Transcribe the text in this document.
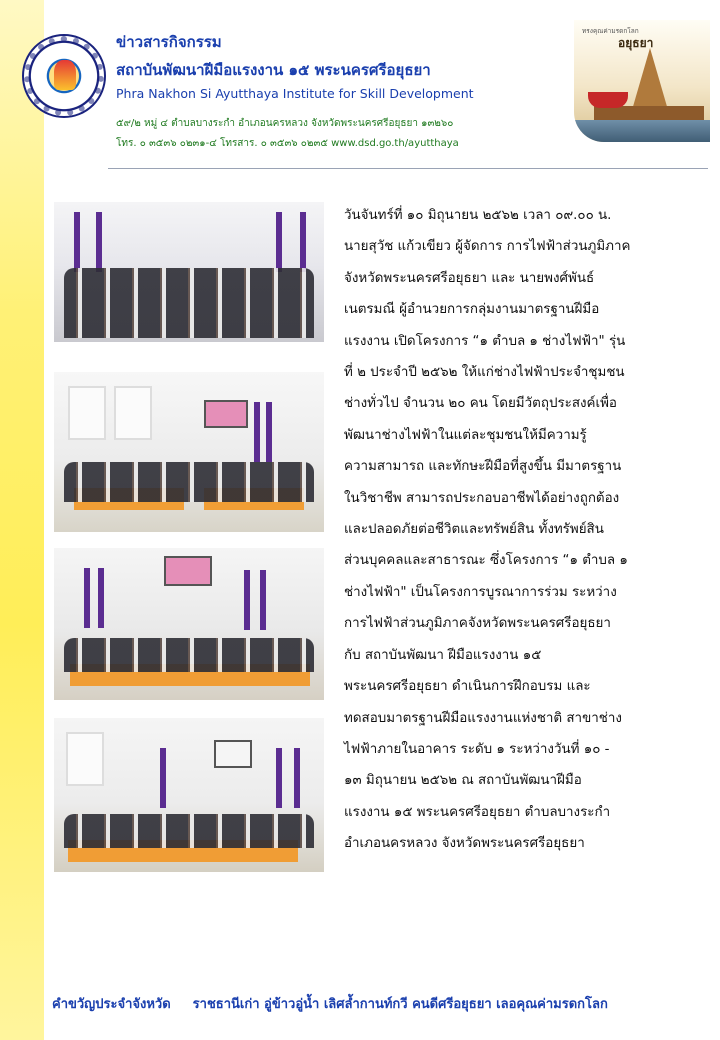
ข่าวสารกิจกรรม
สถาบันพัฒนาฝีมือแรงงาน ๑๕ พระนครศรีอยุธยา
Phra Nakhon Si Ayutthaya Institute for Skill Development
๕๙/๒ หมู่ ๔ ตำบลบางระกำ อำเภอนครหลวง จังหวัดพระนครศรีอยุธยา ๑๓๒๖๐
โทร. ๐ ๓๕๓๖ ๐๒๓๑-๔ โทรสาร. ๐ ๓๕๓๖ ๐๒๓๕ www.dsd.go.th/ayutthaya
ทรงคุณค่ามรดกโลก
อยุธยา
วันจันทร์ที่ ๑๐ มิถุนายน ๒๕๖๒ เวลา ๐๙.๐๐ น.
นายสุวัช แก้วเขียว ผู้จัดการ การไฟฟ้าส่วนภูมิภาค
จังหวัดพระนครศรีอยุธยา และ นายพงศ์พันธ์
เนตรมณี ผู้อำนวยการกลุ่มงานมาตรฐานฝีมือ
แรงงาน เปิดโครงการ “๑ ตำบล ๑ ช่างไฟฟ้า" รุ่น
ที่ ๒ ประจำปี ๒๕๖๒ ให้แก่ช่างไฟฟ้าประจำชุมชน
ช่างทั่วไป จำนวน ๒๐ คน โดยมีวัตถุประสงค์เพื่อ
พัฒนาช่างไฟฟ้าในแต่ละชุมชนให้มีความรู้
ความสามารถ และทักษะฝีมือที่สูงขึ้น มีมาตรฐาน
ในวิชาชีพ สามารถประกอบอาชีพได้อย่างถูกต้อง
และปลอดภัยต่อชีวิตและทรัพย์สิน ทั้งทรัพย์สิน
ส่วนบุคคลและสาธารณะ ซึ่งโครงการ “๑ ตำบล ๑
ช่างไฟฟ้า" เป็นโครงการบูรณาการร่วม ระหว่าง
การไฟฟ้าส่วนภูมิภาคจังหวัดพระนครศรีอยุธยา
กับ สถาบันพัฒนา ฝีมือแรงงาน ๑๕
พระนครศรีอยุธยา ดำเนินการฝึกอบรม และ
ทดสอบมาตรฐานฝีมือแรงงานแห่งชาติ สาขาช่าง
ไฟฟ้าภายในอาคาร ระดับ ๑ ระหว่างวันที่ ๑๐ -
๑๓ มิถุนายน ๒๕๖๒ ณ สถาบันพัฒนาฝีมือ
แรงงาน ๑๕ พระนครศรีอยุธยา ตำบลบางระกำ
อำเภอนครหลวง จังหวัดพระนครศรีอยุธยา
คำขวัญประจำจังหวัด ราชธานีเก่า อู่ข้าวอู่น้ำ เลิศล้ำกานท์กวี คนดีศรีอยุธยา เลอคุณค่ามรดกโลก
